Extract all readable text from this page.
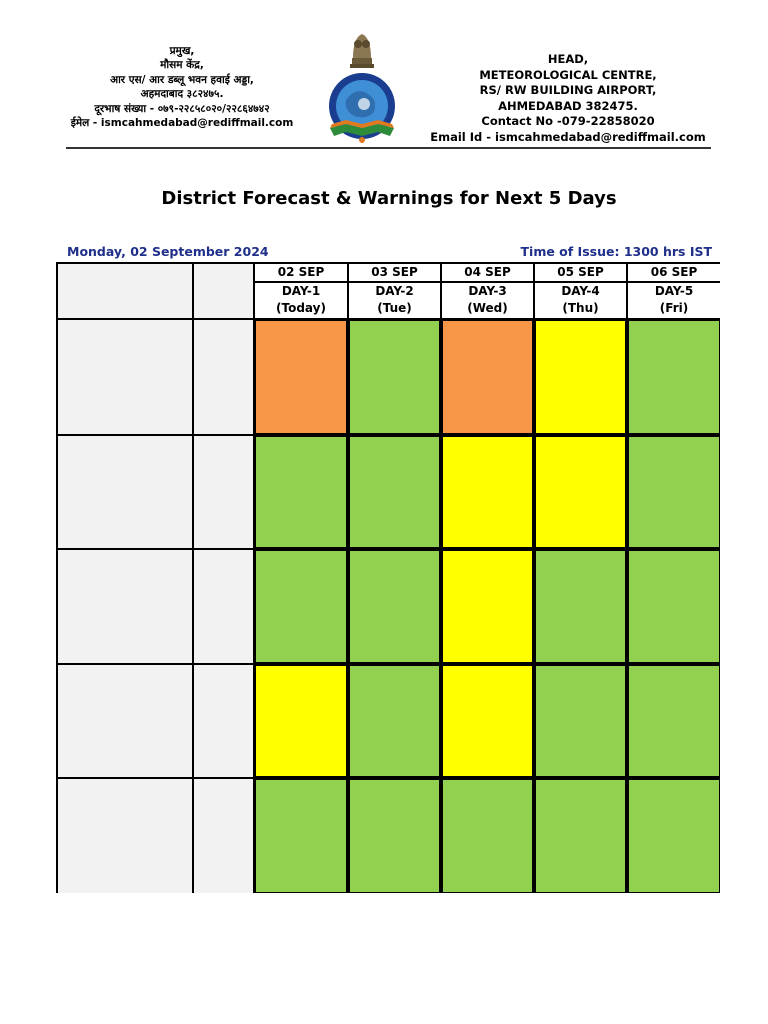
प्रमुख,
मौसम केंद्र,
आर एस/ आर डब्लू भवन हवाई अड्डा,
अहमदाबाद ३८२४७५.
दूरभाष संख्या - ०७९-२२८५८०२०/२२८६४७४२
ईमेल - ismcahmedabad@rediffmail.com
HEAD,
METEOROLOGICAL CENTRE,
RS/ RW BUILDING AIRPORT,
AHMEDABAD 382475.
Contact No -079-22858020
Email Id - ismcahmedabad@rediffmail.com
District Forecast & Warnings for Next 5 Days
Monday, 02 September 2024	Time of Issue: 1300 hrs IST
02 SEP
DAY-1
(Today)
03 SEP
DAY-2
(Tue)
04 SEP
DAY-3
(Wed)
05 SEP
DAY-4
(Thu)
06 SEP
DAY-5
(Fri)
